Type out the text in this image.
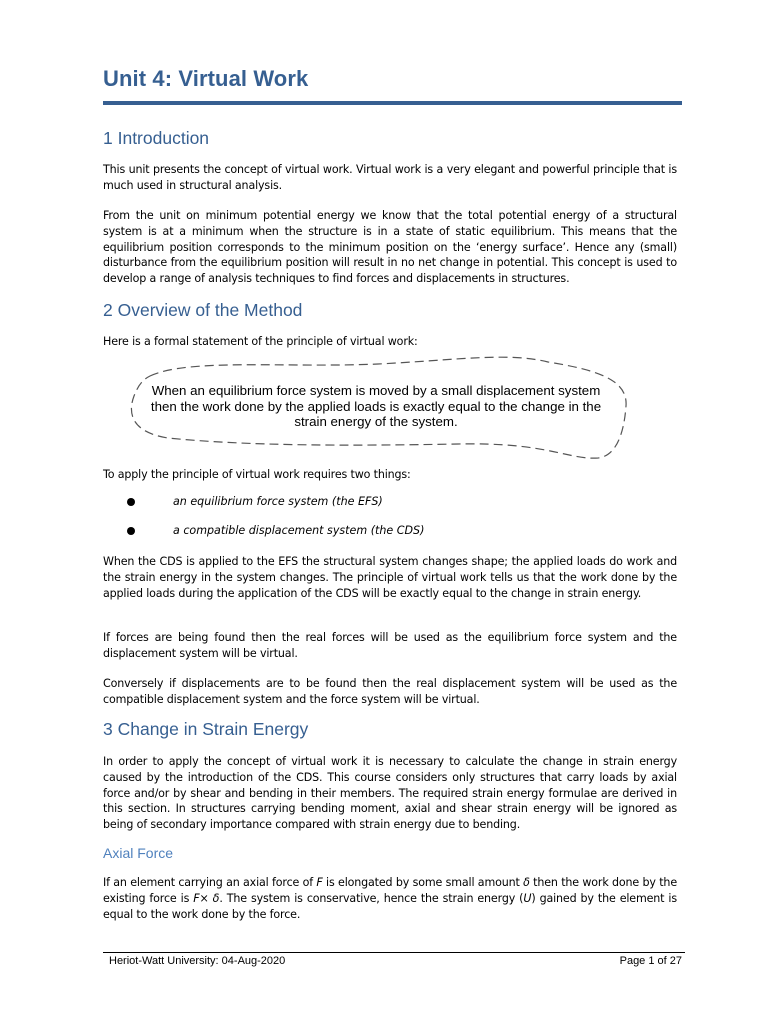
Unit 4: Virtual Work
1 Introduction

This unit presents the concept of virtual work. Virtual work is a very elegant and powerful principle that is much used in structural analysis.

From the unit on minimum potential energy we know that the total potential energy of a structural system is at a minimum when the structure is in a state of static equilibrium. This means that the equilibrium position corresponds to the minimum position on the ‘energy surface’. Hence any (small) disturbance from the equilibrium position will result in no net change in potential. This concept is used to develop a range of analysis techniques to find forces and displacements in structures.

2 Overview of the Method

Here is a formal statement of the principle of virtual work:

When an equilibrium force system is moved by a small displacement system then the work done by the applied loads is exactly equal to the change in the strain energy of the system.

To apply the principle of virtual work requires two things:

an equilibrium force system (the EFS)
a compatible displacement system (the CDS)

When the CDS is applied to the EFS the structural system changes shape; the applied loads do work and the strain energy in the system changes. The principle of virtual work tells us that the work done by the applied loads during the application of the CDS will be exactly equal to the change in strain energy.

If forces are being found then the real forces will be used as the equilibrium force system and the displacement system will be virtual.

Conversely if displacements are to be found then the real displacement system will be used as the compatible displacement system and the force system will be virtual.

3 Change in Strain Energy

In order to apply the concept of virtual work it is necessary to calculate the change in strain energy caused by the introduction of the CDS. This course considers only structures that carry loads by axial force and/or by shear and bending in their members. The required strain energy formulae are derived in this section. In structures carrying bending moment, axial and shear strain energy will be ignored as being of secondary importance compared with strain energy due to bending.

Axial Force

If an element carrying an axial force of F is elongated by some small amount δ then the work done by the existing force is F× δ. The system is conservative, hence the strain energy (U) gained by the element is equal to the work done by the force.

Heriot-Watt University: 04-Aug-2020	Page 1 of 27
